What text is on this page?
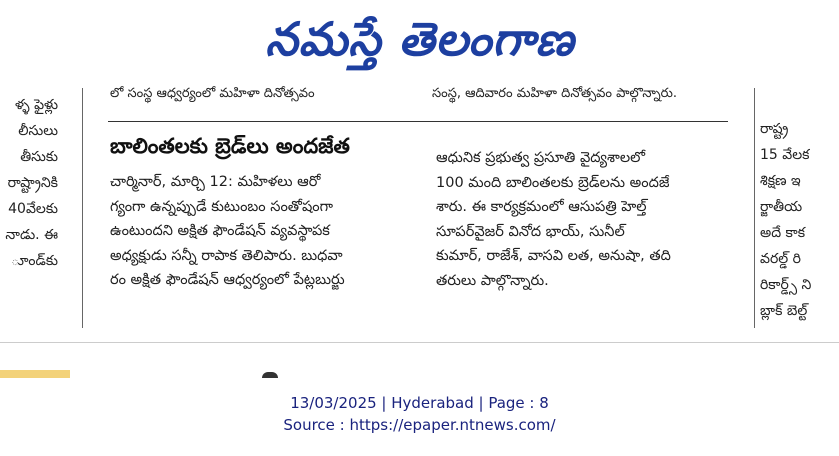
నమస్తే తెలంగాణ
లో సంస్థ ఆధ్వర్యంలో మహిళా దినోత్సవం	సంస్థ, ఆదివారం మహిళా దినోత్సవం పాల్గొన్నారు.
ళ్ళ ఫైళ్లు
లీసులు
తీసుకు
రాష్ట్రానికి
40వేలకు
నాడు. ఈ
ూండ్‌కు
బాలింతలకు బ్రెడ్‌లు అందజేత
చార్మినార్, మార్చి 12: మహిళలు ఆరో
గ్యంగా ఉన్నప్పుడే కుటుంబం సంతోషంగా
ఉంటుందని అక్షిత ఫౌండేషన్ వ్యవస్థాపక
అధ్యక్షుడు సన్నీ రాపాక తెలిపారు. బుధవా
రం అక్షిత ఫౌండేషన్ ఆధ్వర్యంలో పేట్లబుర్జు
ఆధునిక ప్రభుత్వ ప్రసూతి వైద్యశాలలో
100 మంది బాలింతలకు బ్రెడ్‌లను అందజే
శారు. ఈ కార్యక్రమంలో ఆసుపత్రి హెల్త్
సూపర్‌వైజర్ వినోద భాయ్, సునీల్
కుమార్, రాజేశ్, వాసవి లత, అనుషా, తది
తరులు పాల్గొన్నారు.
రాష్ట్ర
15 వేలక
శిక్షణ ఇ
ర్జాతీయ
అదే కాక
వరల్డ్ రి
రికార్డ్స్ ని
బ్లాక్ బెల్ట్
13/03/2025 | Hyderabad | Page : 8
Source : https://epaper.ntnews.com/
